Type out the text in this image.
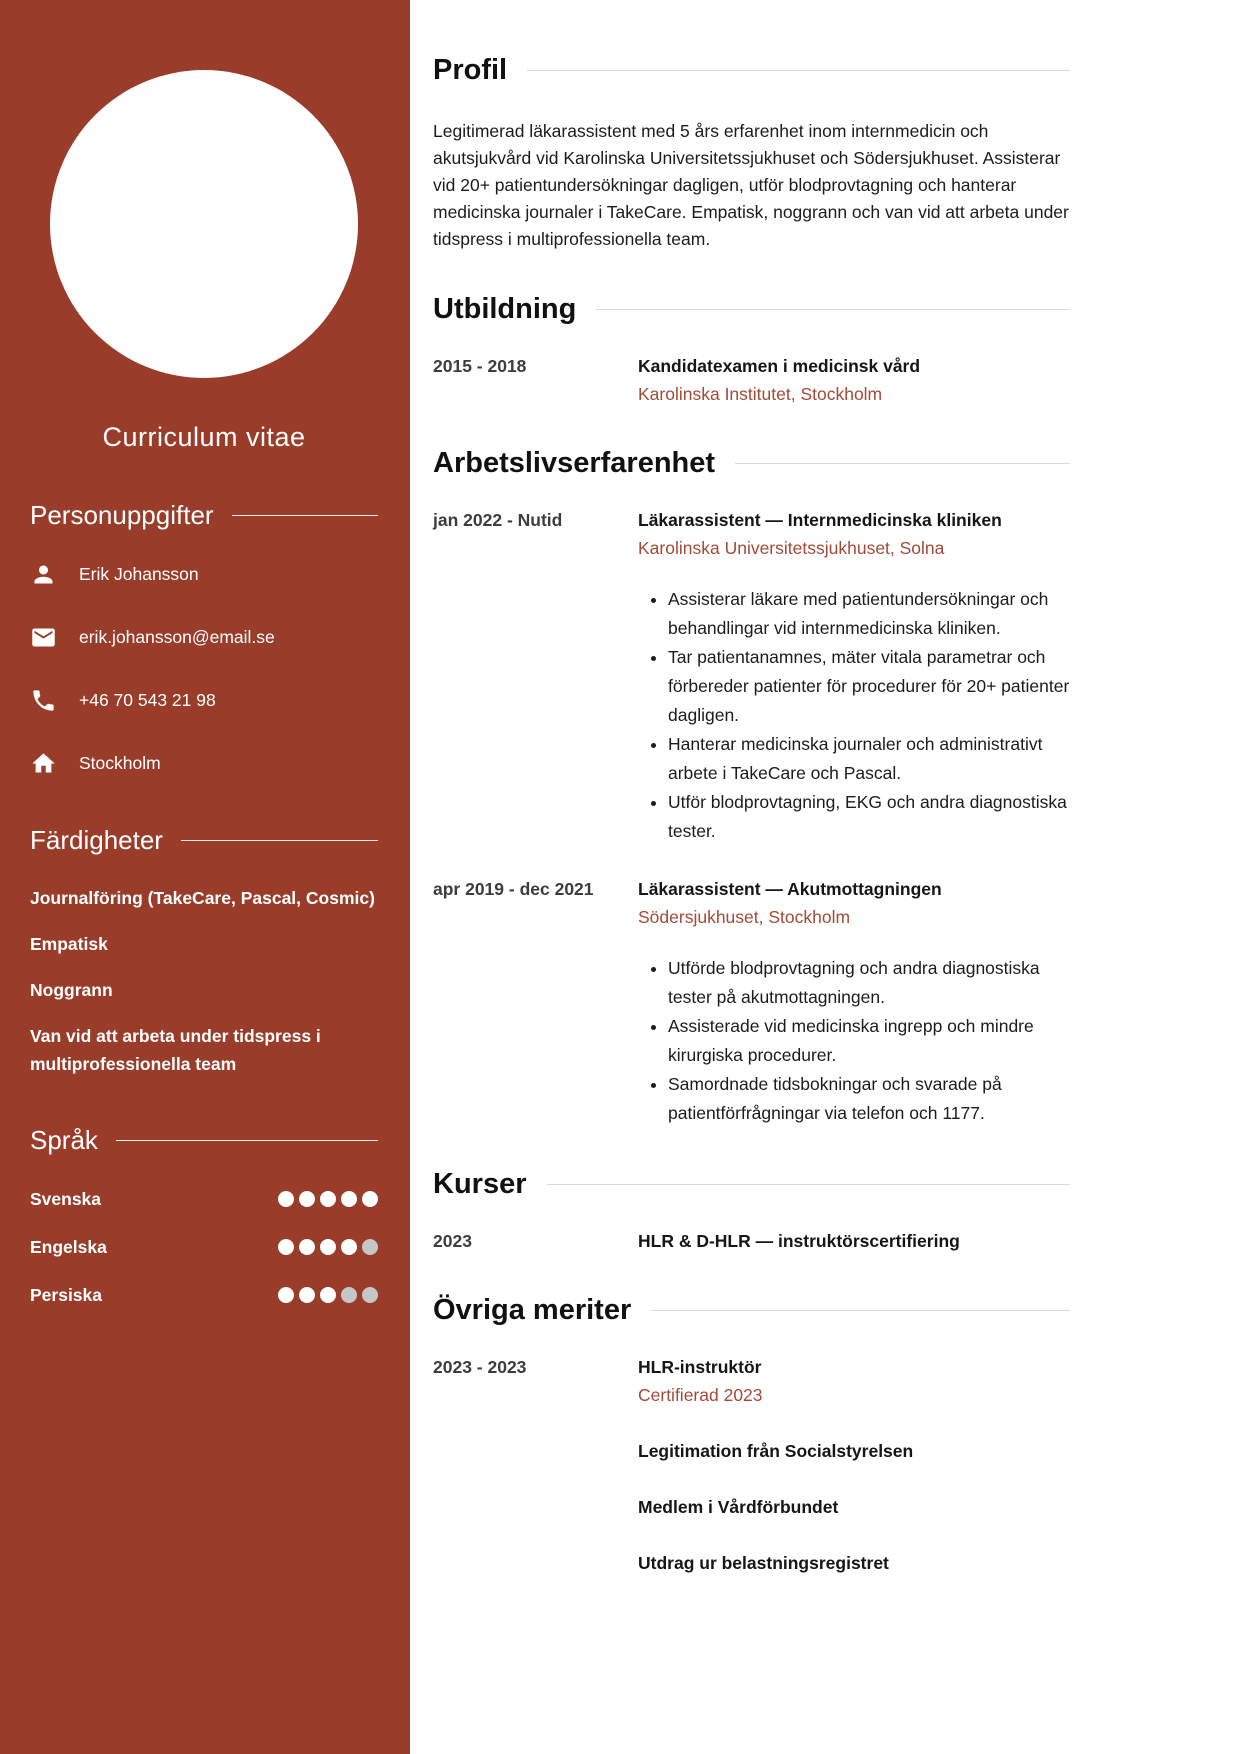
Curriculum vitae
Personuppgifter
Erik Johansson
erik.johansson@email.se
+46 70 543 21 98
Stockholm
Färdigheter
Journalföring (TakeCare, Pascal, Cosmic)
Empatisk
Noggrann
Van vid att arbeta under tidspress i multiprofessionella team
Språk
Svenska
Engelska
Persiska
Profil

Legitimerad läkarassistent med 5 års erfarenhet inom internmedicin och akutsjukvård vid Karolinska Universitetssjukhuset och Södersjukhuset. Assisterar vid 20+ patientundersökningar dagligen, utför blodprovtagning och hanterar medicinska journaler i TakeCare. Empatisk, noggrann och van vid att arbeta under tidspress i multiprofessionella team.

Utbildning
2015 - 2018	Kandidatexamen i medicinsk vård
Karolinska Institutet, Stockholm
Arbetslivserfarenhet
jan 2022 - Nutid	Läkarassistent — Internmedicinska kliniken
Karolinska Universitetssjukhuset, Solna
• Assisterar läkare med patientundersökningar och behandlingar vid internmedicinska kliniken.
• Tar patientanamnes, mäter vitala parametrar och förbereder patienter för procedurer för 20+ patienter dagligen.
• Hanterar medicinska journaler och administrativt arbete i TakeCare och Pascal.
• Utför blodprovtagning, EKG och andra diagnostiska tester.
apr 2019 - dec 2021	Läkarassistent — Akutmottagningen
Södersjukhuset, Stockholm
• Utförde blodprovtagning och andra diagnostiska tester på akutmottagningen.
• Assisterade vid medicinska ingrepp och mindre kirurgiska procedurer.
• Samordnade tidsbokningar och svarade på patientförfrågningar via telefon och 1177.
Kurser
2023	HLR & D-HLR — instruktörscertifiering
Övriga meriter
2023 - 2023	HLR-instruktör
Certifierad 2023
Legitimation från Socialstyrelsen
Medlem i Vårdförbundet
Utdrag ur belastningsregistret
